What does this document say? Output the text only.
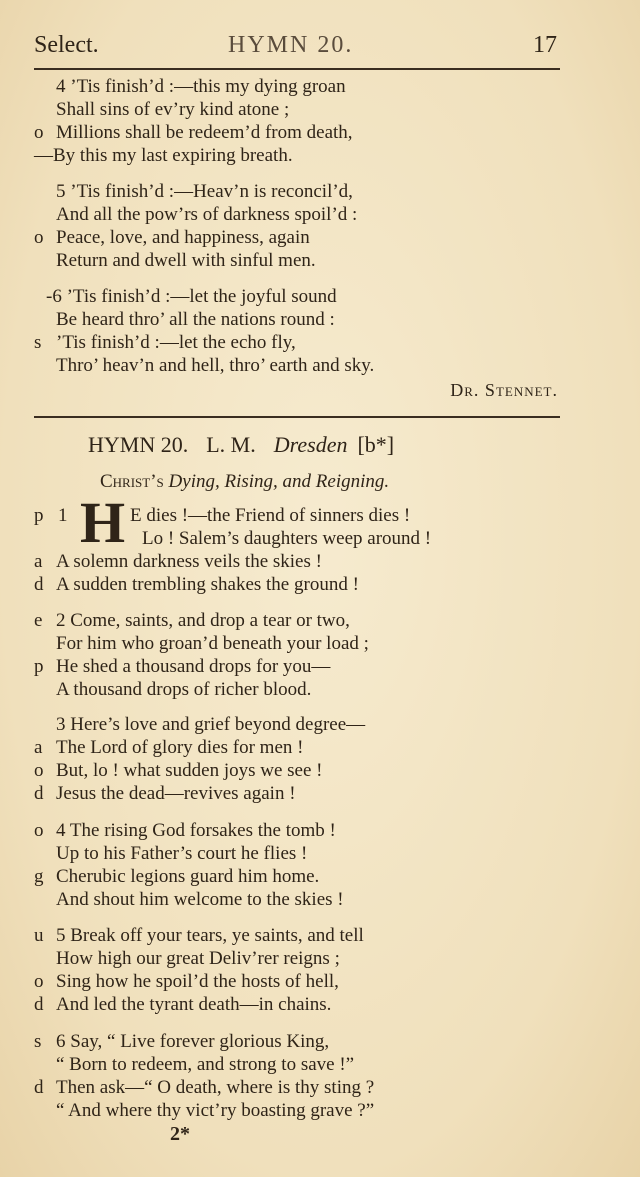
Select.	HYMN 20.	17
4 ’Tis finish’d :—this my dying groan
Shall sins of ev’ry kind atone ;
o Millions shall be redeem’d from death,
—By this my last expiring breath.
5 ’Tis finish’d :—Heav’n is reconcil’d,
And all the pow’rs of darkness spoil’d :
o Peace, love, and happiness, again
Return and dwell with sinful men.
-6 ’Tis finish’d :—let the joyful sound
Be heard thro’ all the nations round :
s ’Tis finish’d :—let the echo fly,
Thro’ heav’n and hell, thro’ earth and sky.
Dr. Stennet.
HYMN 20. L. M. Dresden [b*]
Christ’s Dying, Rising, and Reigning.
p 1 H E dies !—the Friend of sinners dies !
Lo ! Salem’s daughters weep around !
a A solemn darkness veils the skies !
d A sudden trembling shakes the ground !
e 2 Come, saints, and drop a tear or two,
For him who groan’d beneath your load ;
p He shed a thousand drops for you—
A thousand drops of richer blood.
3 Here’s love and grief beyond degree—
a The Lord of glory dies for men !
o But, lo ! what sudden joys we see !
d Jesus the dead—revives again !
o 4 The rising God forsakes the tomb !
Up to his Father’s court he flies !
g Cherubic legions guard him home.
And shout him welcome to the skies !
u 5 Break off your tears, ye saints, and tell
How high our great Deliv’rer reigns ;
o Sing how he spoil’d the hosts of hell,
d And led the tyrant death—in chains.
s 6 Say, “ Live forever glorious King,
“ Born to redeem, and strong to save !”
d Then ask—“ O death, where is thy sting ?
“ And where thy vict’ry boasting grave ?”
2*
